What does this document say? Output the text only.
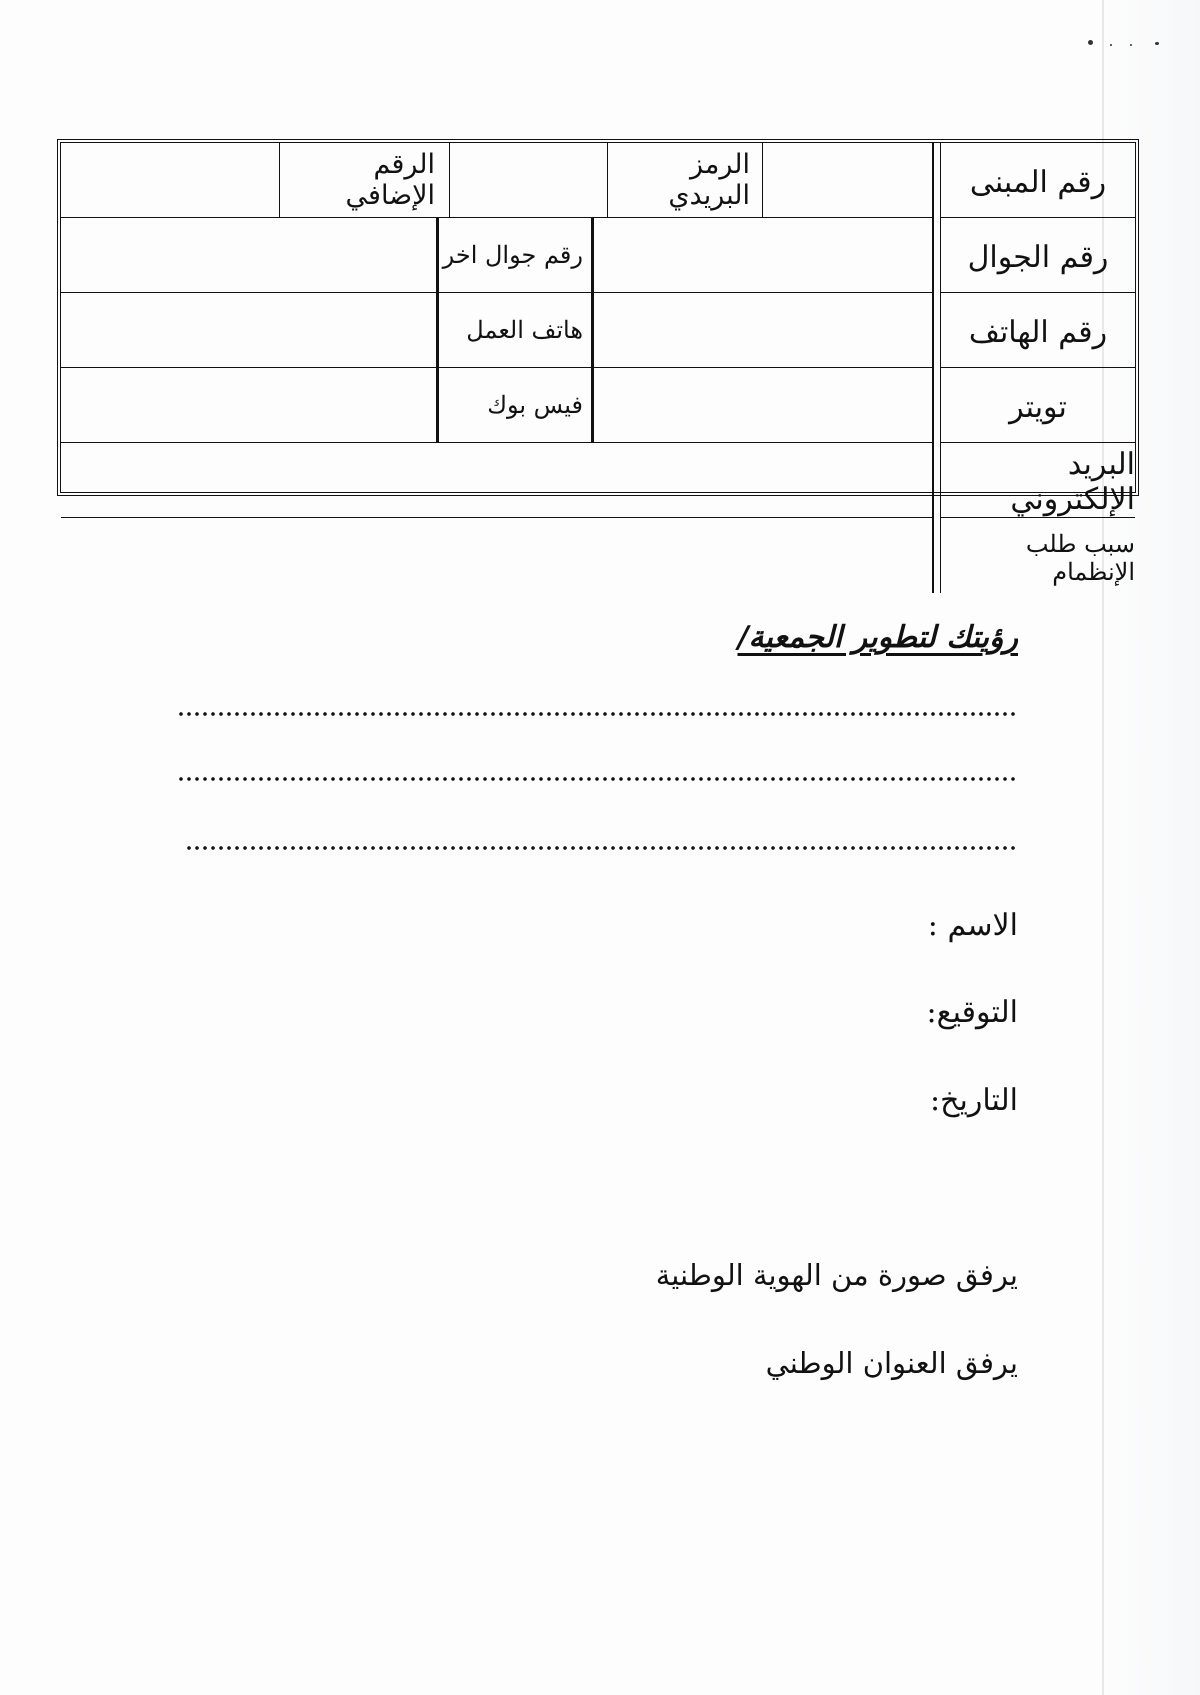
رقم المبنى
رقم الجوال
رقم الهاتف
تويتر
البريد الإلكتروني
سبب طلب الإنظمام
الرمز البريدي
الرقم الإضافي
رقم جوال اخر
هاتف العمل
فيس بوك
رؤيتك لتطوير الجمعية/
الاسم :
التوقيع:
التاريخ:
يرفق صورة من الهوية الوطنية
يرفق العنوان الوطني
